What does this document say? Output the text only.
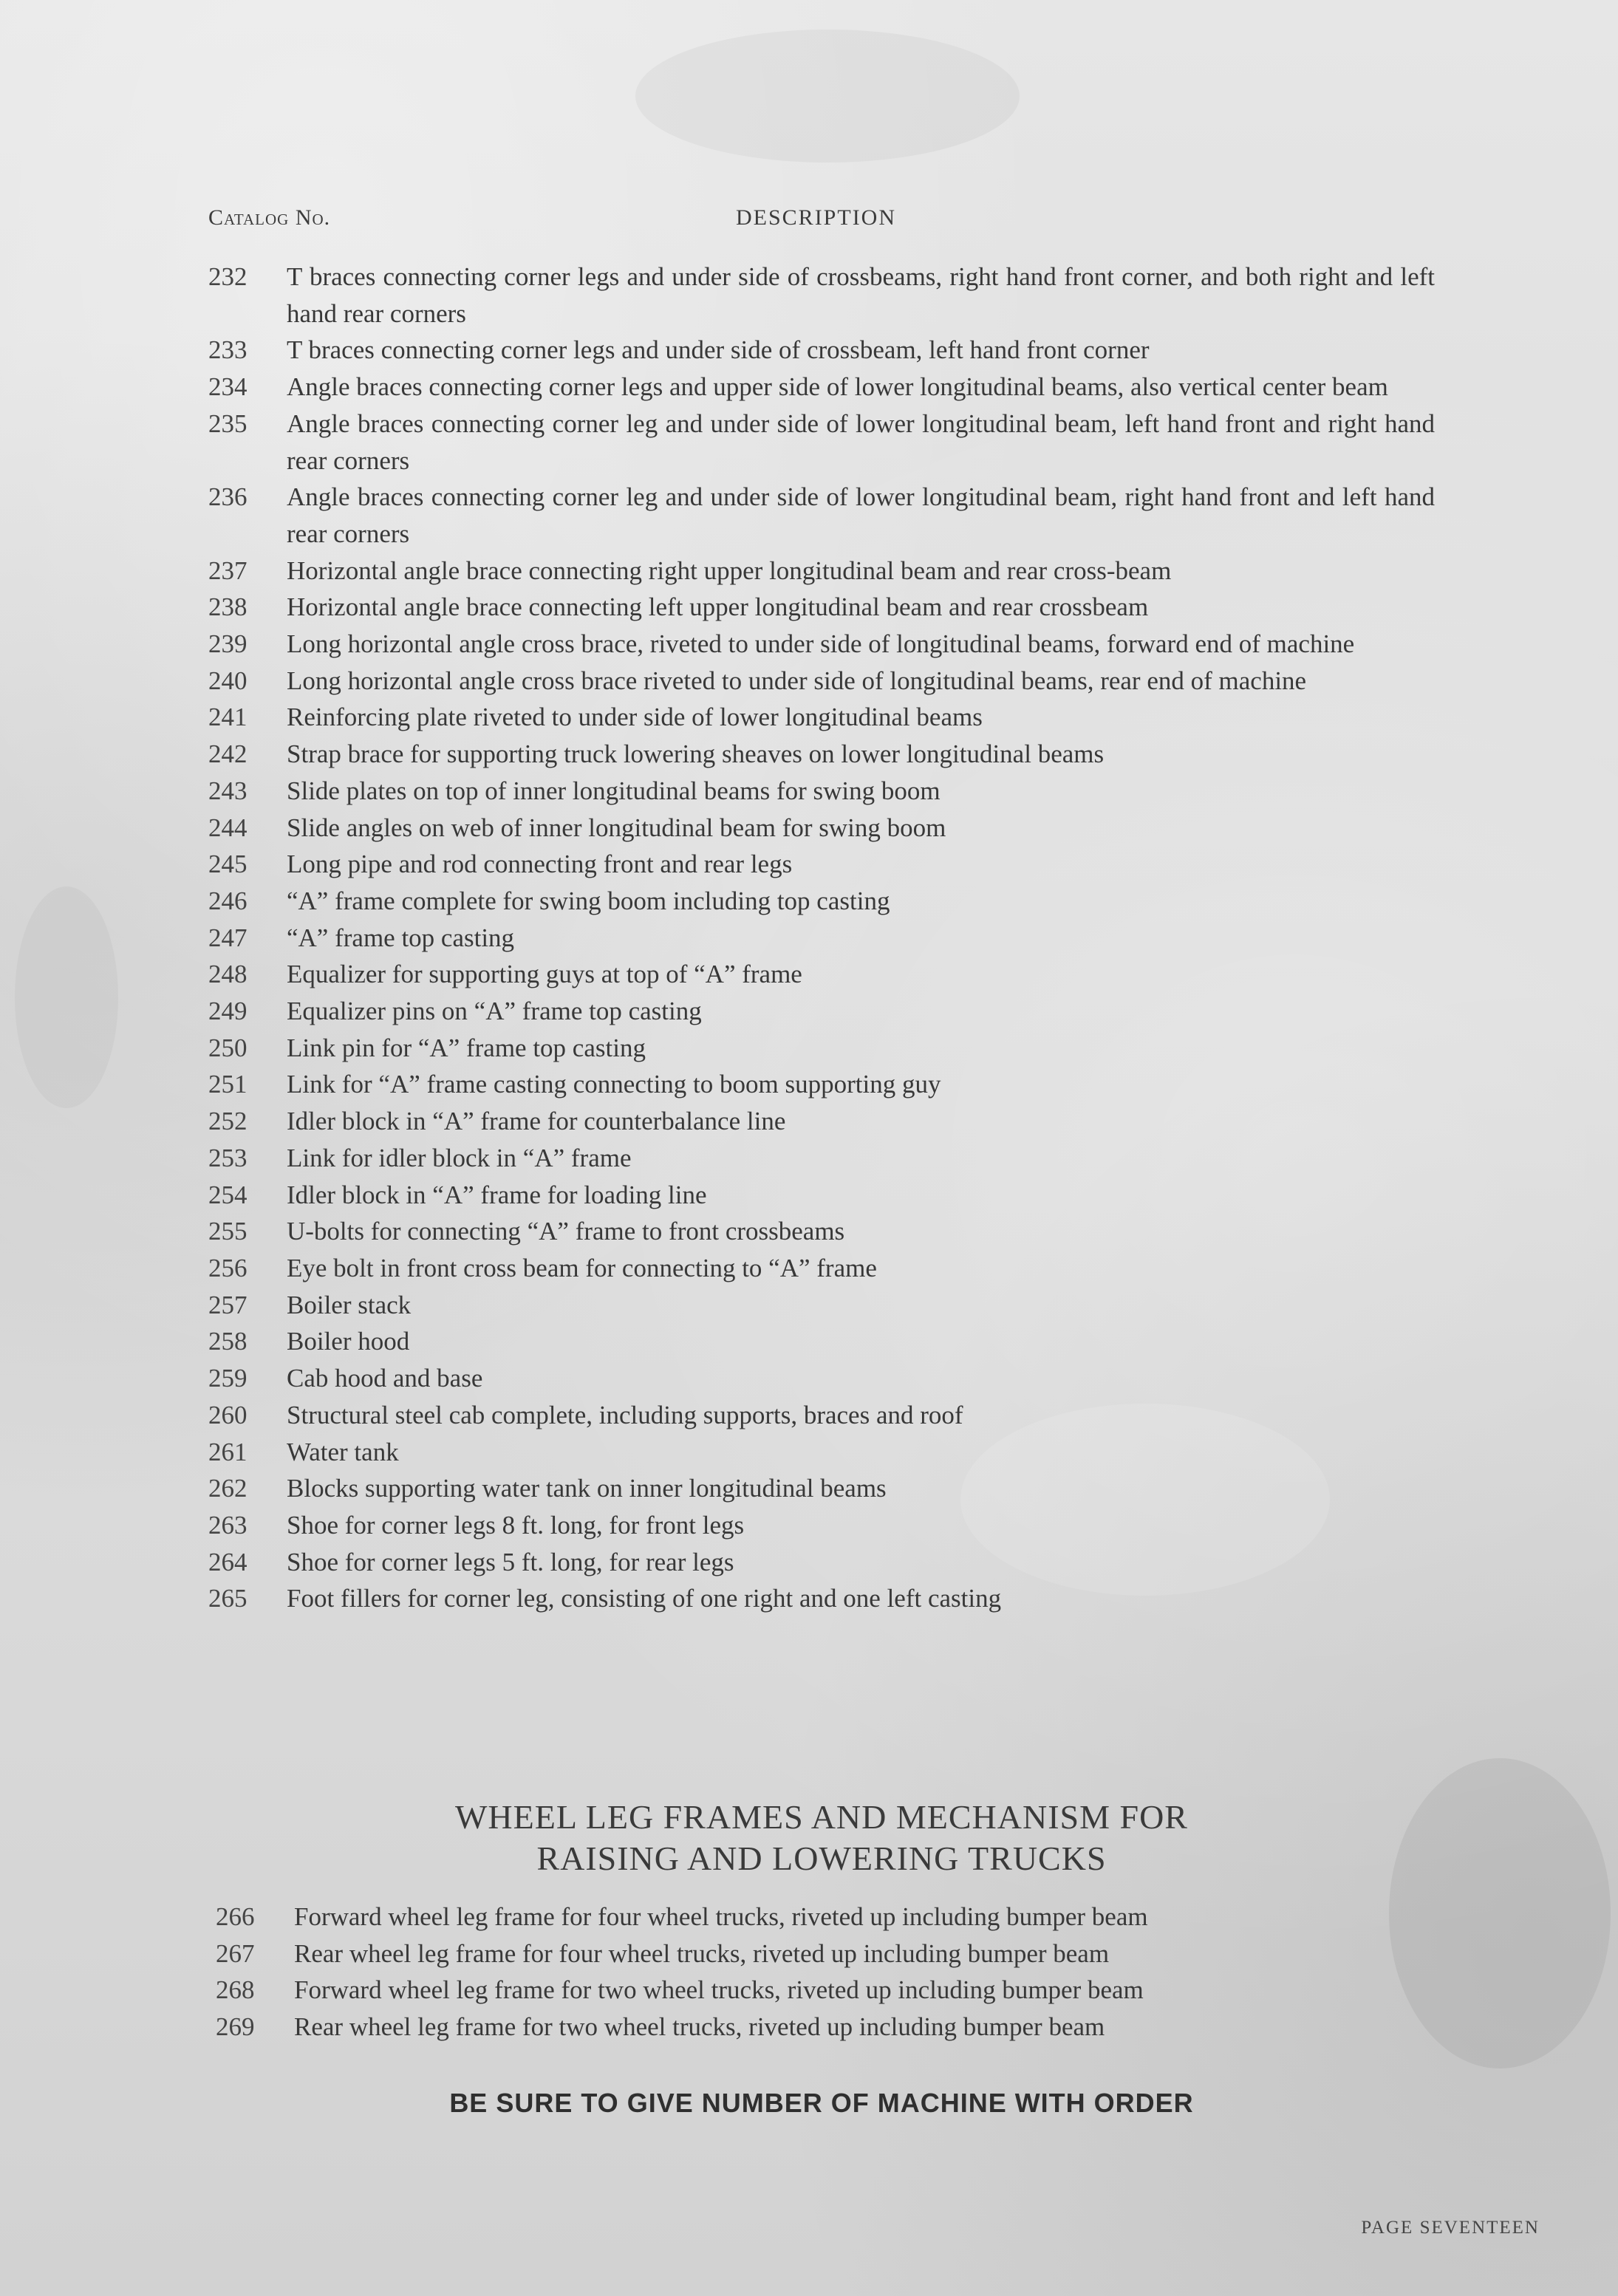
Catalog No.	DESCRIPTION
232	T braces connecting corner legs and under side of crossbeams, right hand front corner, and both right and left hand rear corners
233	T braces connecting corner legs and under side of crossbeam, left hand front corner
234	Angle braces connecting corner legs and upper side of lower longitudinal beams, also vertical center beam
235	Angle braces connecting corner leg and under side of lower longitudinal beam, left hand front and right hand rear corners
236	Angle braces connecting corner leg and under side of lower longitudinal beam, right hand front and left hand rear corners
237	Horizontal angle brace connecting right upper longitudinal beam and rear cross-beam
238	Horizontal angle brace connecting left upper longitudinal beam and rear crossbeam
239	Long horizontal angle cross brace, riveted to under side of longitudinal beams, forward end of machine
240	Long horizontal angle cross brace riveted to under side of longitudinal beams, rear end of machine
241	Reinforcing plate riveted to under side of lower longitudinal beams
242	Strap brace for supporting truck lowering sheaves on lower longitudinal beams
243	Slide plates on top of inner longitudinal beams for swing boom
244	Slide angles on web of inner longitudinal beam for swing boom
245	Long pipe and rod connecting front and rear legs
246	“A” frame complete for swing boom including top casting
247	“A” frame top casting
248	Equalizer for supporting guys at top of “A” frame
249	Equalizer pins on “A” frame top casting
250	Link pin for “A” frame top casting
251	Link for “A” frame casting connecting to boom supporting guy
252	Idler block in “A” frame for counterbalance line
253	Link for idler block in “A” frame
254	Idler block in “A” frame for loading line
255	U-bolts for connecting “A” frame to front crossbeams
256	Eye bolt in front cross beam for connecting to “A” frame
257	Boiler stack
258	Boiler hood
259	Cab hood and base
260	Structural steel cab complete, including supports, braces and roof
261	Water tank
262	Blocks supporting water tank on inner longitudinal beams
263	Shoe for corner legs 8 ft. long, for front legs
264	Shoe for corner legs 5 ft. long, for rear legs
265	Foot fillers for corner leg, consisting of one right and one left casting
WHEEL LEG FRAMES AND MECHANISM FOR
RAISING AND LOWERING TRUCKS
266	Forward wheel leg frame for four wheel trucks, riveted up including bumper beam
267	Rear wheel leg frame for four wheel trucks, riveted up including bumper beam
268	Forward wheel leg frame for two wheel trucks, riveted up including bumper beam
269	Rear wheel leg frame for two wheel trucks, riveted up including bumper beam
BE SURE TO GIVE NUMBER OF MACHINE WITH ORDER
PAGE SEVENTEEN
